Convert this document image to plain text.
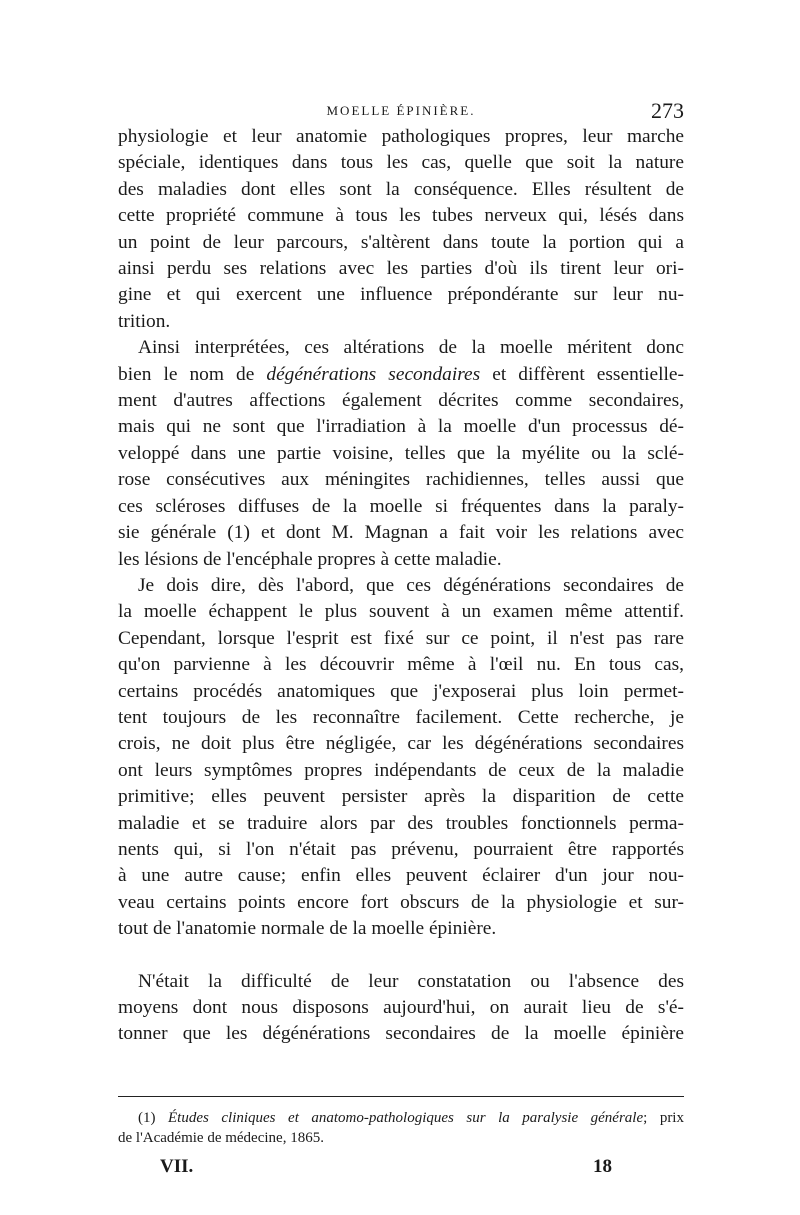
MOELLE ÉPINIÈRE.	273

physiologie et leur anatomie pathologiques propres, leur marche
spéciale, identiques dans tous les cas, quelle que soit la nature
des maladies dont elles sont la conséquence. Elles résultent de
cette propriété commune à tous les tubes nerveux qui, lésés dans
un point de leur parcours, s'altèrent dans toute la portion qui a
ainsi perdu ses relations avec les parties d'où ils tirent leur ori-
gine et qui exercent une influence prépondérante sur leur nu-
trition.

Ainsi interprétées, ces altérations de la moelle méritent donc
bien le nom de dégénérations secondaires et diffèrent essentielle-
ment d'autres affections également décrites comme secondaires,
mais qui ne sont que l'irradiation à la moelle d'un processus dé-
veloppé dans une partie voisine, telles que la myélite ou la sclé-
rose consécutives aux méningites rachidiennes, telles aussi que
ces scléroses diffuses de la moelle si fréquentes dans la paraly-
sie générale (1) et dont M. Magnan a fait voir les relations avec
les lésions de l'encéphale propres à cette maladie.

Je dois dire, dès l'abord, que ces dégénérations secondaires de
la moelle échappent le plus souvent à un examen même attentif.
Cependant, lorsque l'esprit est fixé sur ce point, il n'est pas rare
qu'on parvienne à les découvrir même à l'œil nu. En tous cas,
certains procédés anatomiques que j'exposerai plus loin permet-
tent toujours de les reconnaître facilement. Cette recherche, je
crois, ne doit plus être négligée, car les dégénérations secondaires
ont leurs symptômes propres indépendants de ceux de la maladie
primitive; elles peuvent persister après la disparition de cette
maladie et se traduire alors par des troubles fonctionnels perma-
nents qui, si l'on n'était pas prévenu, pourraient être rapportés
à une autre cause; enfin elles peuvent éclairer d'un jour nou-
veau certains points encore fort obscurs de la physiologie et sur-
tout de l'anatomie normale de la moelle épinière.

N'était la difficulté de leur constatation ou l'absence des
moyens dont nous disposons aujourd'hui, on aurait lieu de s'é-
tonner que les dégénérations secondaires de la moelle épinière

(1) Études cliniques et anatomo-pathologiques sur la paralysie générale; prix
de l'Académie de médecine, 1865.
VII.	18
